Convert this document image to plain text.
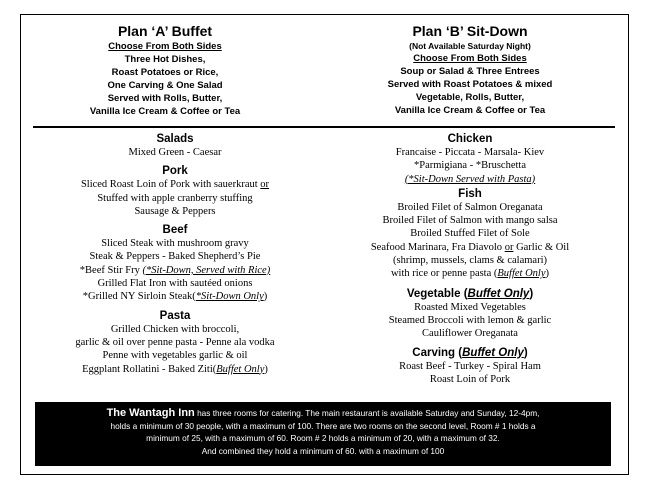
Plan ‘A’ Buffet
Choose From Both Sides
Three Hot Dishes,
Roast Potatoes or Rice,
One Carving & One Salad
Served with Rolls, Butter,
Vanilla Ice Cream & Coffee or Tea
Plan ‘B’ Sit-Down
(Not Available Saturday Night)
Choose From Both Sides
Soup or Salad & Three Entrees
Served with Roast Potatoes & mixed
Vegetable, Rolls, Butter,
Vanilla Ice Cream & Coffee or Tea
Salads
Mixed Green - Caesar
Pork
Sliced Roast Loin of Pork with sauerkraut or
Stuffed with apple cranberry stuffing
Sausage & Peppers
Beef
Sliced Steak with mushroom gravy
Steak & Peppers - Baked Shepherd’s Pie
*Beef Stir Fry (*Sit-Down, Served with Rice)
Grilled Flat Iron with sautéed onions
*Grilled NY Sirloin Steak(*Sit-Down Only)
Pasta
Grilled Chicken with broccoli,
garlic & oil over penne pasta - Penne ala vodka
Penne with vegetables garlic & oil
Eggplant Rollatini - Baked Ziti(Buffet Only)
Chicken
Francaise - Piccata - Marsala- Kiev
*Parmigiana - *Bruschetta
(*Sit-Down Served with Pasta)
Fish
Broiled Filet of Salmon Oreganata
Broiled Filet of Salmon with mango salsa
Broiled Stuffed Filet of Sole
Seafood Marinara, Fra Diavolo or Garlic & Oil
(shrimp, mussels, clams & calamari)
with rice or penne pasta (Buffet Only)
Vegetable (Buffet Only)
Roasted Mixed Vegetables
Steamed Broccoli with lemon & garlic
Cauliflower Oreganata
Carving (Buffet Only)
Roast Beef - Turkey - Spiral Ham
Roast Loin of Pork
The Wantagh Inn has three rooms for catering. The main restaurant is available Saturday and Sunday, 12-4pm,
holds a minimum of 30 people, with a maximum of 100. There are two rooms on the second level, Room # 1 holds a
minimum of 25, with a maximum of 60. Room # 2 holds a minimum of 20, with a maximum of 32.
And combined they hold a minimum of 60. with a maximum of 100
